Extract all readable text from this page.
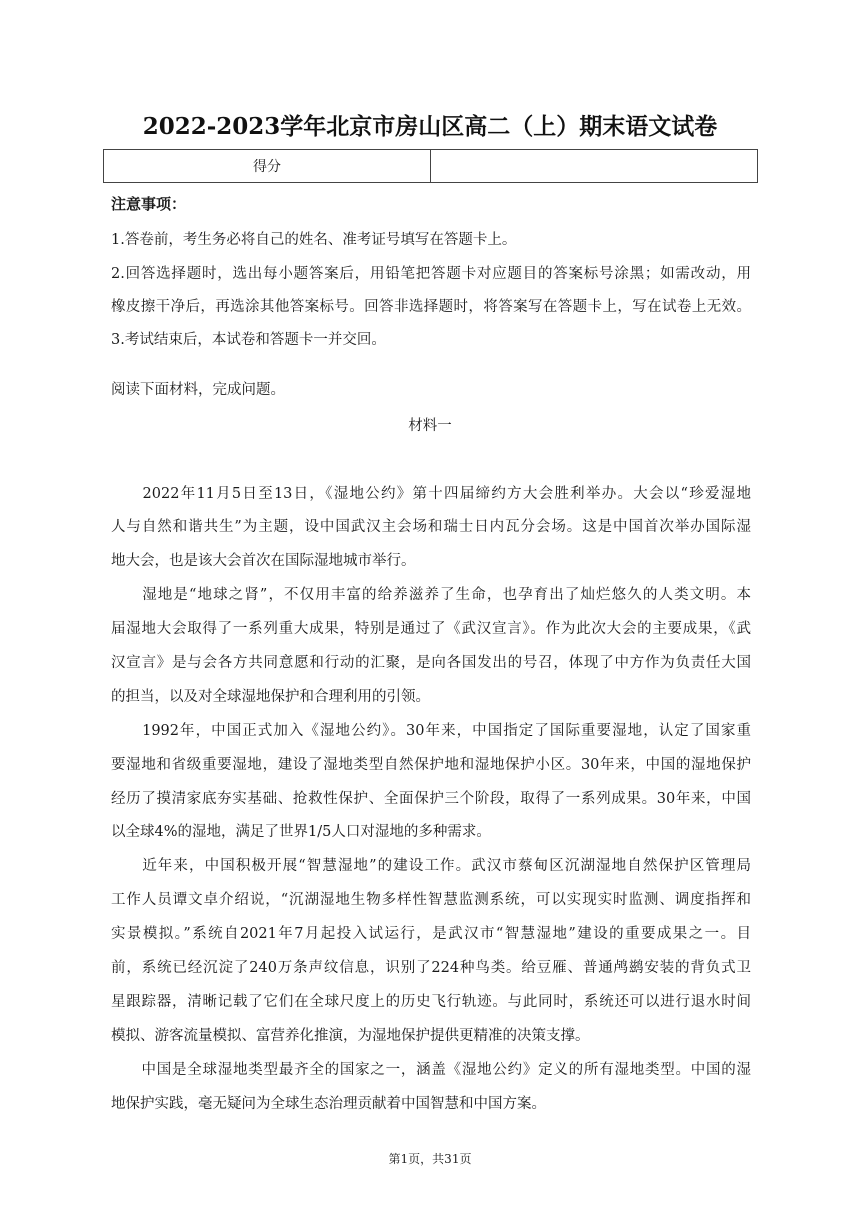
2022-2023学年北京市房山区高二（上）期末语文试卷
得分	
注意事项：
1.答卷前，考生务必将自己的姓名、准考证号填写在答题卡上。
2.回答选择题时，选出每小题答案后，用铅笔把答题卡对应题目的答案标号涂黑；如需改动，用
橡皮擦干净后，再选涂其他答案标号。回答非选择题时，将答案写在答题卡上，写在试卷上无效。
3.考试结束后，本试卷和答题卡一并交回。
阅读下面材料，完成问题。
材料一
　　2022年11月5日至13日，《湿地公约》第十四届缔约方大会胜利举办。大会以“珍爱湿地
人与自然和谐共生”为主题，设中国武汉主会场和瑞士日内瓦分会场。这是中国首次举办国际湿
地大会，也是该大会首次在国际湿地城市举行。
　　湿地是“地球之肾”，不仅用丰富的给养滋养了生命，也孕育出了灿烂悠久的人类文明。本
届湿地大会取得了一系列重大成果，特别是通过了《武汉宣言》。作为此次大会的主要成果，《武
汉宣言》是与会各方共同意愿和行动的汇聚，是向各国发出的号召，体现了中方作为负责任大国
的担当，以及对全球湿地保护和合理利用的引领。
　　1992年，中国正式加入《湿地公约》。30年来，中国指定了国际重要湿地，认定了国家重
要湿地和省级重要湿地，建设了湿地类型自然保护地和湿地保护小区。30年来，中国的湿地保护
经历了摸清家底夯实基础、抢救性保护、全面保护三个阶段，取得了一系列成果。30年来，中国
以全球4%的湿地，满足了世界1/5人口对湿地的多种需求。
　　近年来，中国积极开展“智慧湿地”的建设工作。武汉市蔡甸区沉湖湿地自然保护区管理局
工作人员谭文卓介绍说，“沉湖湿地生物多样性智慧监测系统，可以实现实时监测、调度指挥和
实景模拟。”系统自2021年7月起投入试运行，是武汉市“智慧湿地”建设的重要成果之一。目
前，系统已经沉淀了240万条声纹信息，识别了224种鸟类。给豆雁、普通鸬鹚安装的背负式卫
星跟踪器，清晰记载了它们在全球尺度上的历史飞行轨迹。与此同时，系统还可以进行退水时间
模拟、游客流量模拟、富营养化推演，为湿地保护提供更精准的决策支撑。
　　中国是全球湿地类型最齐全的国家之一，涵盖《湿地公约》定义的所有湿地类型。中国的湿
地保护实践，毫无疑问为全球生态治理贡献着中国智慧和中国方案。
第1页，共31页
